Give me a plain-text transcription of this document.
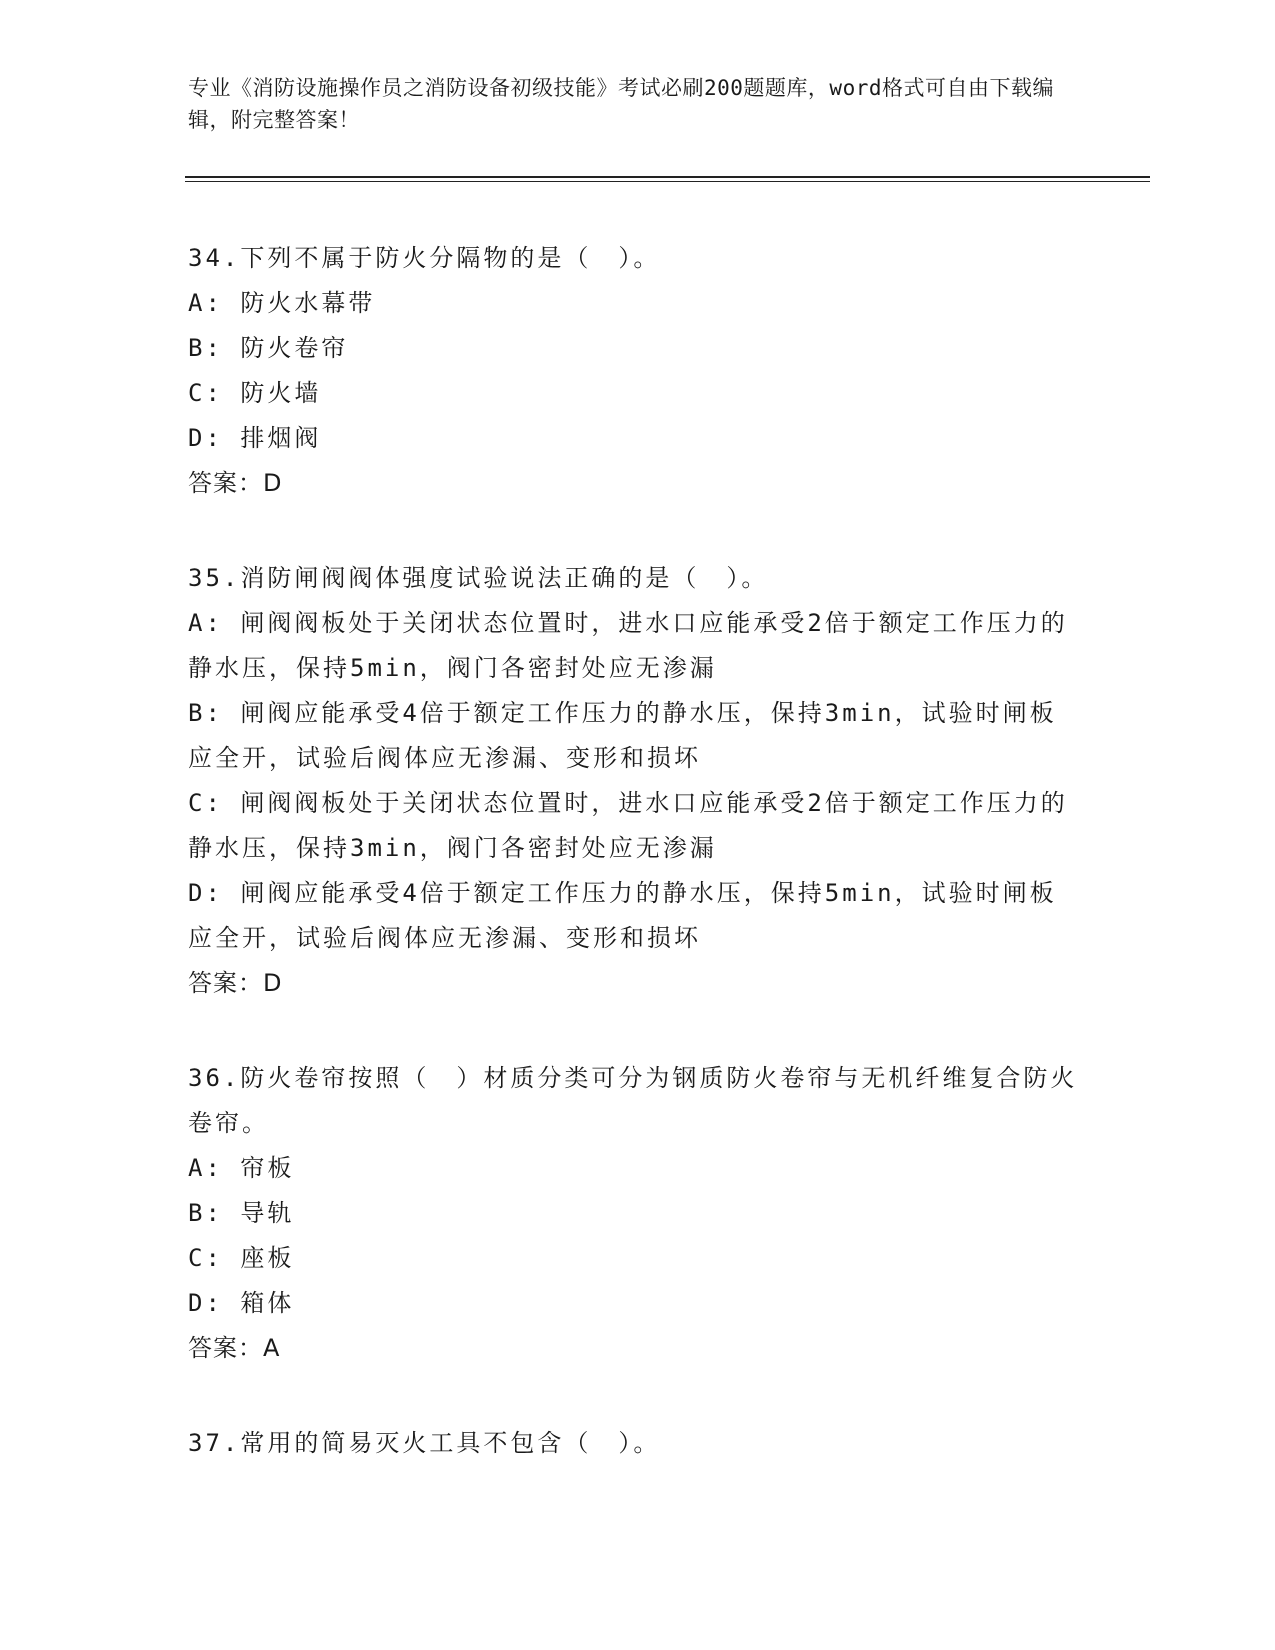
专业《消防设施操作员之消防设备初级技能》考试必刷200题题库，word格式可自由下载编辑，附完整答案！

34.下列不属于防火分隔物的是（　）。

A: 防火水幕带

B: 防火卷帘

C: 防火墙

D: 排烟阀

答案：D

35.消防闸阀阀体强度试验说法正确的是（　）。

A: 闸阀阀板处于关闭状态位置时，进水口应能承受2倍于额定工作压力的静水压，保持5min，阀门各密封处应无渗漏

B: 闸阀应能承受4倍于额定工作压力的静水压，保持3min，试验时闸板应全开，试验后阀体应无渗漏、变形和损坏

C: 闸阀阀板处于关闭状态位置时，进水口应能承受2倍于额定工作压力的静水压，保持3min，阀门各密封处应无渗漏

D: 闸阀应能承受4倍于额定工作压力的静水压，保持5min，试验时闸板应全开，试验后阀体应无渗漏、变形和损坏

答案：D

36.防火卷帘按照（　）材质分类可分为钢质防火卷帘与无机纤维复合防火卷帘。

A: 帘板

B: 导轨

C: 座板

D: 箱体

答案：A

37.常用的简易灭火工具不包含（　）。
